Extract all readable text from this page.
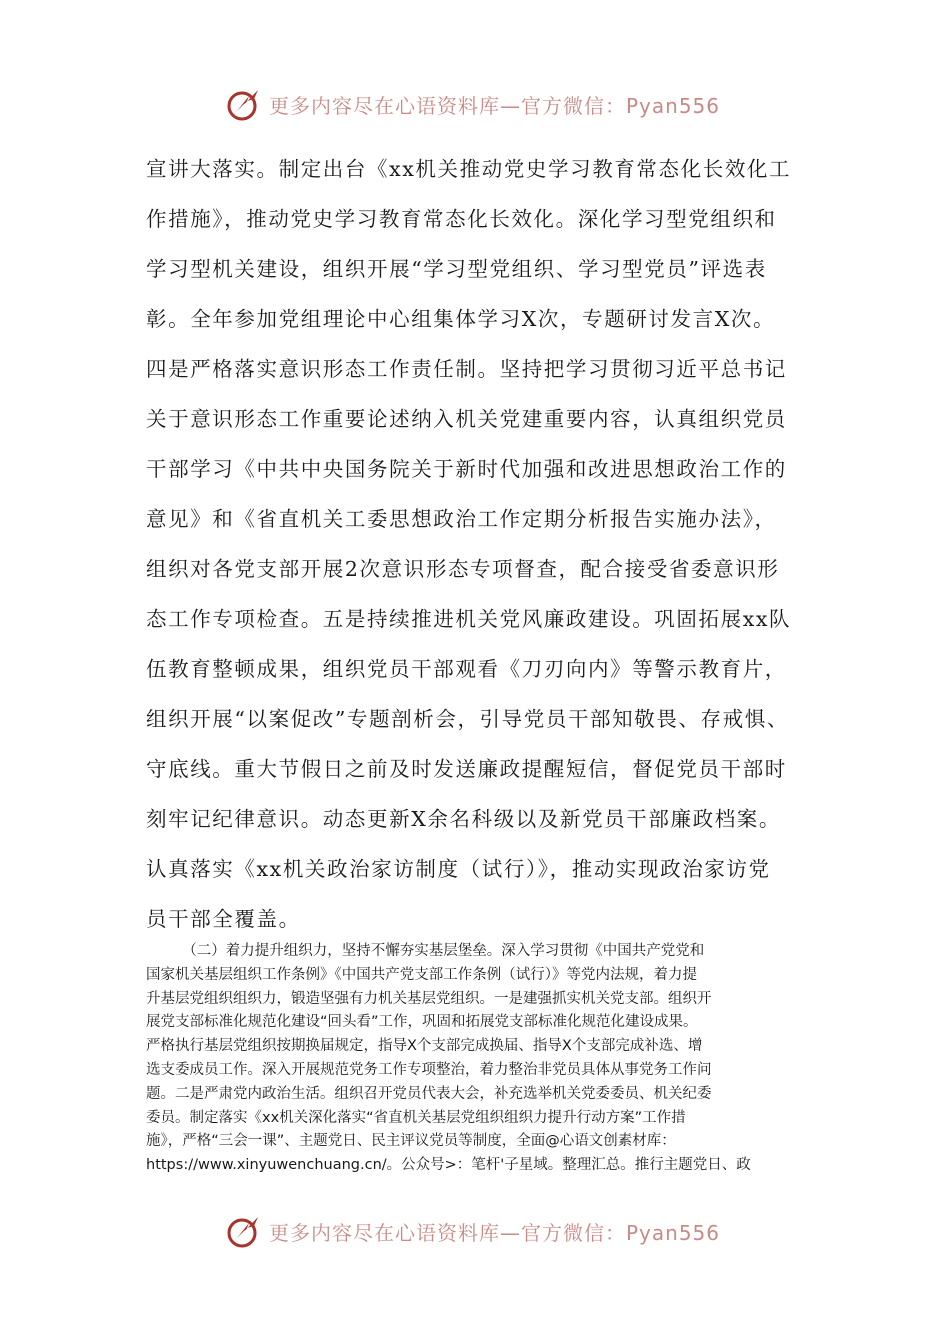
更多内容尽在心语资料库—官方微信：Pyan556
宣讲大落实。制定出台《xx机关推动党史学习教育常态化长效化工
作措施》，推动党史学习教育常态化长效化。深化学习型党组织和
学习型机关建设，组织开展“学习型党组织、学习型党员”评选表
彰。全年参加党组理论中心组集体学习X次，专题研讨发言X次。
四是严格落实意识形态工作责任制。坚持把学习贯彻习近平总书记
关于意识形态工作重要论述纳入机关党建重要内容，认真组织党员
干部学习《中共中央国务院关于新时代加强和改进思想政治工作的
意见》和《省直机关工委思想政治工作定期分析报告实施办法》，
组织对各党支部开展2次意识形态专项督查，配合接受省委意识形
态工作专项检查。五是持续推进机关党风廉政建设。巩固拓展xx队
伍教育整顿成果，组织党员干部观看《刀刃向内》等警示教育片，
组织开展“以案促改”专题剖析会，引导党员干部知敬畏、存戒惧、
守底线。重大节假日之前及时发送廉政提醒短信，督促党员干部时
刻牢记纪律意识。动态更新X余名科级以及新党员干部廉政档案。
认真落实《xx机关政治家访制度（试行）》，推动实现政治家访党
员干部全覆盖。
　　　（二）着力提升组织力，坚持不懈夯实基层堡垒。深入学习贯彻《中国共产党党和
国家机关基层组织工作条例》《中国共产党支部工作条例（试行）》等党内法规，着力提
升基层党组织组织力，锻造坚强有力机关基层党组织。一是建强抓实机关党支部。组织开
展党支部标准化规范化建设“回头看”工作，巩固和拓展党支部标准化规范化建设成果。
严格执行基层党组织按期换届规定，指导X个支部完成换届、指导X个支部完成补选、增
选支委成员工作。深入开展规范党务工作专项整治，着力整治非党员具体从事党务工作问
题。二是严肃党内政治生活。组织召开党员代表大会，补充选举机关党委委员、机关纪委
委员。制定落实《xx机关深化落实“省直机关基层党组织组织力提升行动方案”工作措
施》，严格“三会一课”、主题党日、民主评议党员等制度，全面@心语文创素材库：
https://www.xinyuwenchuang.cn/。公众号>：笔杆'子星域。整理汇总。推行主题党日、政
更多内容尽在心语资料库—官方微信：Pyan556
